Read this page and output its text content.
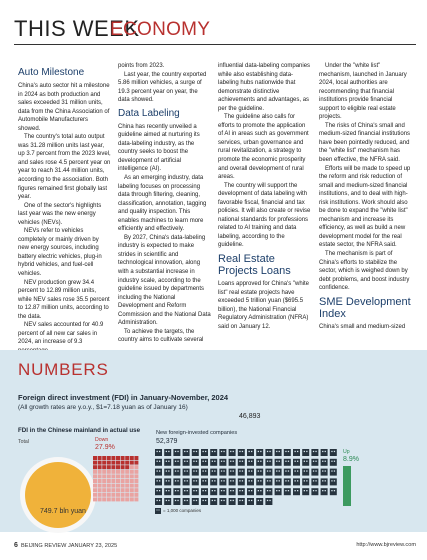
THIS WEEK
ECONOMY
Auto Milestone

China's auto sector hit a milestone in 2024 as both production and sales exceeded 31 million units, data from the China Association of Automobile Manufacturers showed.

The country's total auto output was 31.28 million units last year, up 3.7 percent from the 2023 level, and sales rose 4.5 percent year on year to reach 31.44 million units, according to the association. Both figures remained first globally last year.

One of the sector's highlights last year was the new energy vehicles (NEVs).

NEVs refer to vehicles completely or mainly driven by new energy sources, including battery electric vehicles, plug-in hybrid vehicles, and fuel-cell vehicles.

NEV production grew 34.4 percent to 12.89 million units, while NEV sales rose 35.5 percent to 12.87 million units, according to the data.

NEV sales accounted for 40.9 percent of all new car sales in 2024, an increase of 9.3

points from 2023.

Last year, the country exported 5.86 million vehicles, a surge of 19.3 percent year on year, the data showed.

Data Labeling

China has recently unveiled a guideline aimed at nurturing its data-labeling industry, as the country seeks to boost the development of artificial intelligence (AI).

As an emerging industry, data labeling focuses on processing data through filtering, cleaning, classification, annotation, tagging and quality inspection. This enables machines to learn more efficiently and effectively.

By 2027, China's data-labeling industry is expected to make strides in scientific and technological innovation, along with a substantial increase in industry scale, according to the guideline issued by departments including the National Development and Reform Commission and the National Data Administration.

To achieve the targets, the country aims to cultivate several

influential data-labeling companies while also establishing data-labeling hubs nationwide that demonstrate distinctive achievements and advantages, as per the guideline.

The guideline also calls for efforts to promote the application of AI in areas such as government services, urban governance and rural revitalization, a strategy to promote the economic prosperity and overall development of rural areas.

The country will support the development of data labeling with favorable fiscal, financial and tax policies. It will also create or revise national standards for professions related to AI training and data labeling, according to the guideline.

Real Estate Projects Loans

Loans approved for China's "white list" real estate projects have exceeded 5 trillion yuan ($695.5 billion), the National Financial Regulatory Administration (NFRA) said on January 12.

Under the "white list" mechanism, launched in January 2024, local authorities are recommending that financial institutions provide financial support to eligible real estate projects.

The risks of China's small and medium-sized financial institutions have been pointedly reduced, and the "white list" mechanism has been effective, the NFRA said.

Efforts will be made to speed up the reform and risk reduction of small and medium-sized financial institutions, and to deal with high-risk institutions. Work should also be done to expand the "white list" mechanism and increase its efficiency, as well as build a new development model for the real estate sector, the NFRA said.

The mechanism is part of China's efforts to stabilize the sector, which is weighed down by debt problems, and boost industry confidence.

SME Development Index

China's small and medium-sized

NUMBERS
Foreign direct investment (FDI) in January-November, 2024
(All growth rates are y.o.y., $1=7.18 yuan as of January 16)
46,893
FDI in the Chinese mainland in actual use
Total	Down
27.9%
749.7 bln yuan
New foreign-invested companies
52,379
Up
8.9%
= 1,000 companies
6 BEIJING REVIEW JANUARY 23, 2025	http://www.bjreview.com
